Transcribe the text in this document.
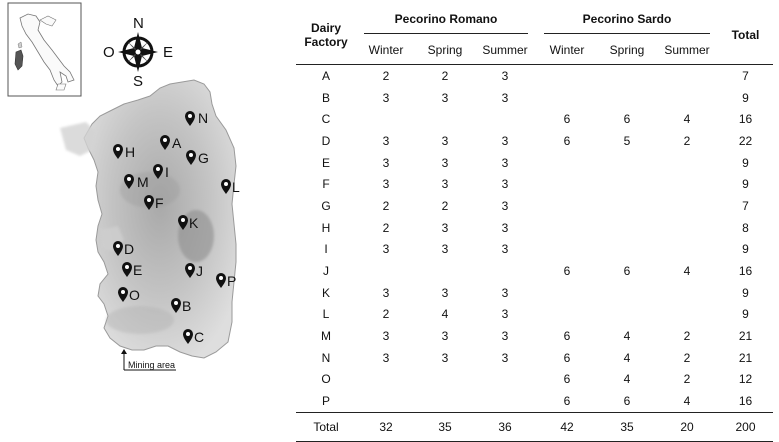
N
S
E
O
N
A
H	G
I
M	L
F
K
D
E	J
P
O
B
C
Mining area
Dairy Factory	Pecorino Romano			Pecorino Sardo			Total
	Winter	Spring	Summer	Winter	Spring	Summer	
A	2	2	3				7
B	3	3	3				9
C				6	6	4	16
D	3	3	3	6	5	2	22
E	3	3	3				9
F	3	3	3				9
G	2	2	3				7
H	2	3	3				8
I	3	3	3				9
J				6	6	4	16
K	3	3	3				9
L	2	4	3				9
M	3	3	3	6	4	2	21
N	3	3	3	6	4	2	21
O				6	4	2	12
P				6	6	4	16
Total	32	35	36	42	35	20	200
